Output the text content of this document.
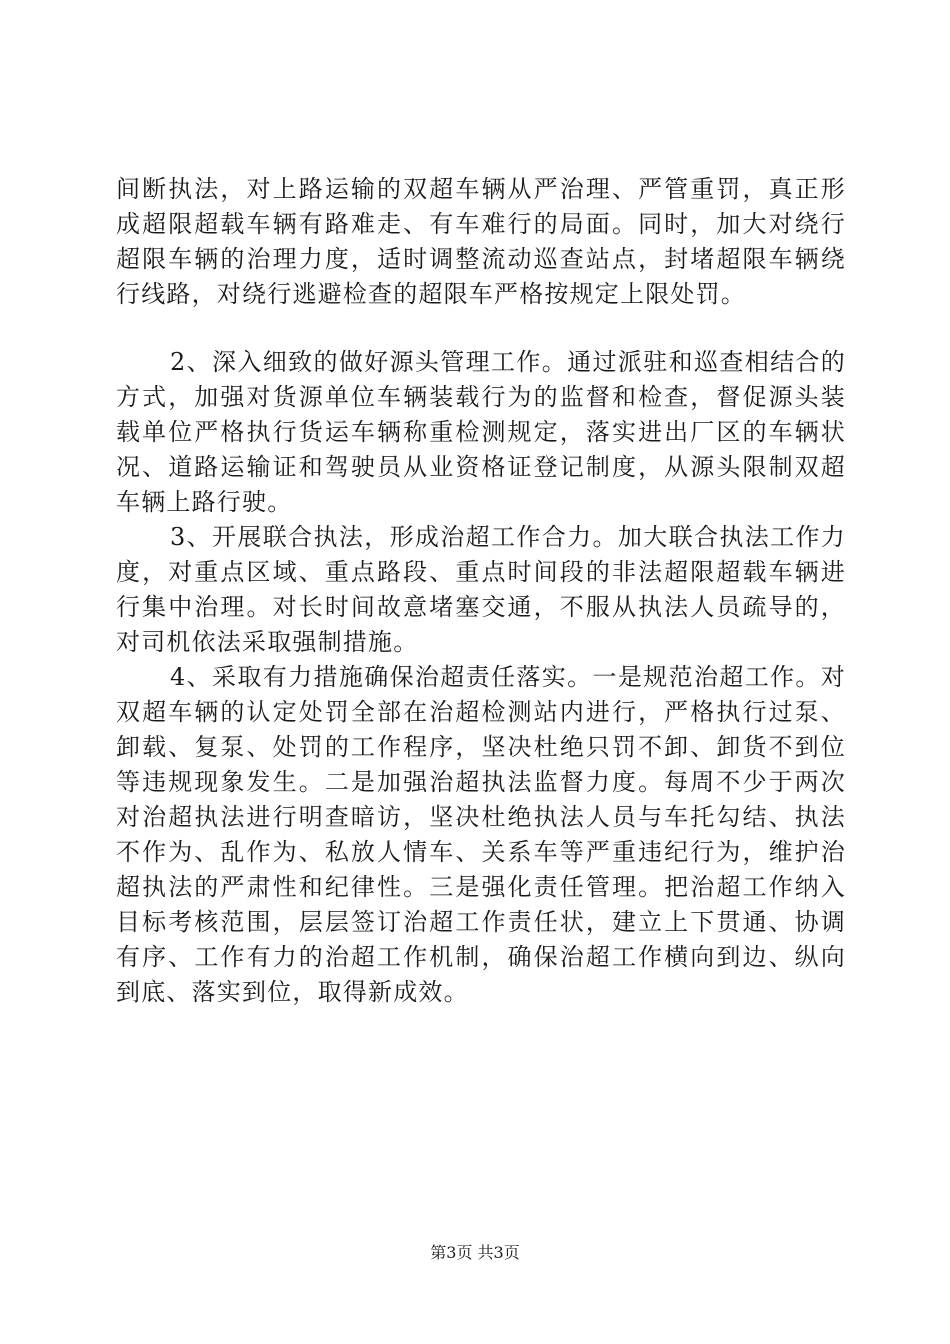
间断执法，对上路运输的双超车辆从严治理、严管重罚，真正形成超限超载车辆有路难走、有车难行的局面。同时，加大对绕行超限车辆的治理力度，适时调整流动巡查站点，封堵超限车辆绕行线路，对绕行逃避检查的超限车严格按规定上限处罚。

2、深入细致的做好源头管理工作。通过派驻和巡查相结合的方式，加强对货源单位车辆装载行为的监督和检查，督促源头装载单位严格执行货运车辆称重检测规定，落实进出厂区的车辆状况、道路运输证和驾驶员从业资格证登记制度，从源头限制双超车辆上路行驶。

3、开展联合执法，形成治超工作合力。加大联合执法工作力度，对重点区域、重点路段、重点时间段的非法超限超载车辆进行集中治理。对长时间故意堵塞交通，不服从执法人员疏导的，对司机依法采取强制措施。

4、采取有力措施确保治超责任落实。一是规范治超工作。对双超车辆的认定处罚全部在治超检测站内进行，严格执行过泵、卸载、复泵、处罚的工作程序，坚决杜绝只罚不卸、卸货不到位等违规现象发生。二是加强治超执法监督力度。每周不少于两次对治超执法进行明查暗访，坚决杜绝执法人员与车托勾结、执法不作为、乱作为、私放人情车、关系车等严重违纪行为，维护治超执法的严肃性和纪律性。三是强化责任管理。把治超工作纳入目标考核范围，层层签订治超工作责任状，建立上下贯通、协调有序、工作有力的治超工作机制，确保治超工作横向到边、纵向到底、落实到位，取得新成效。

第3页 共3页
